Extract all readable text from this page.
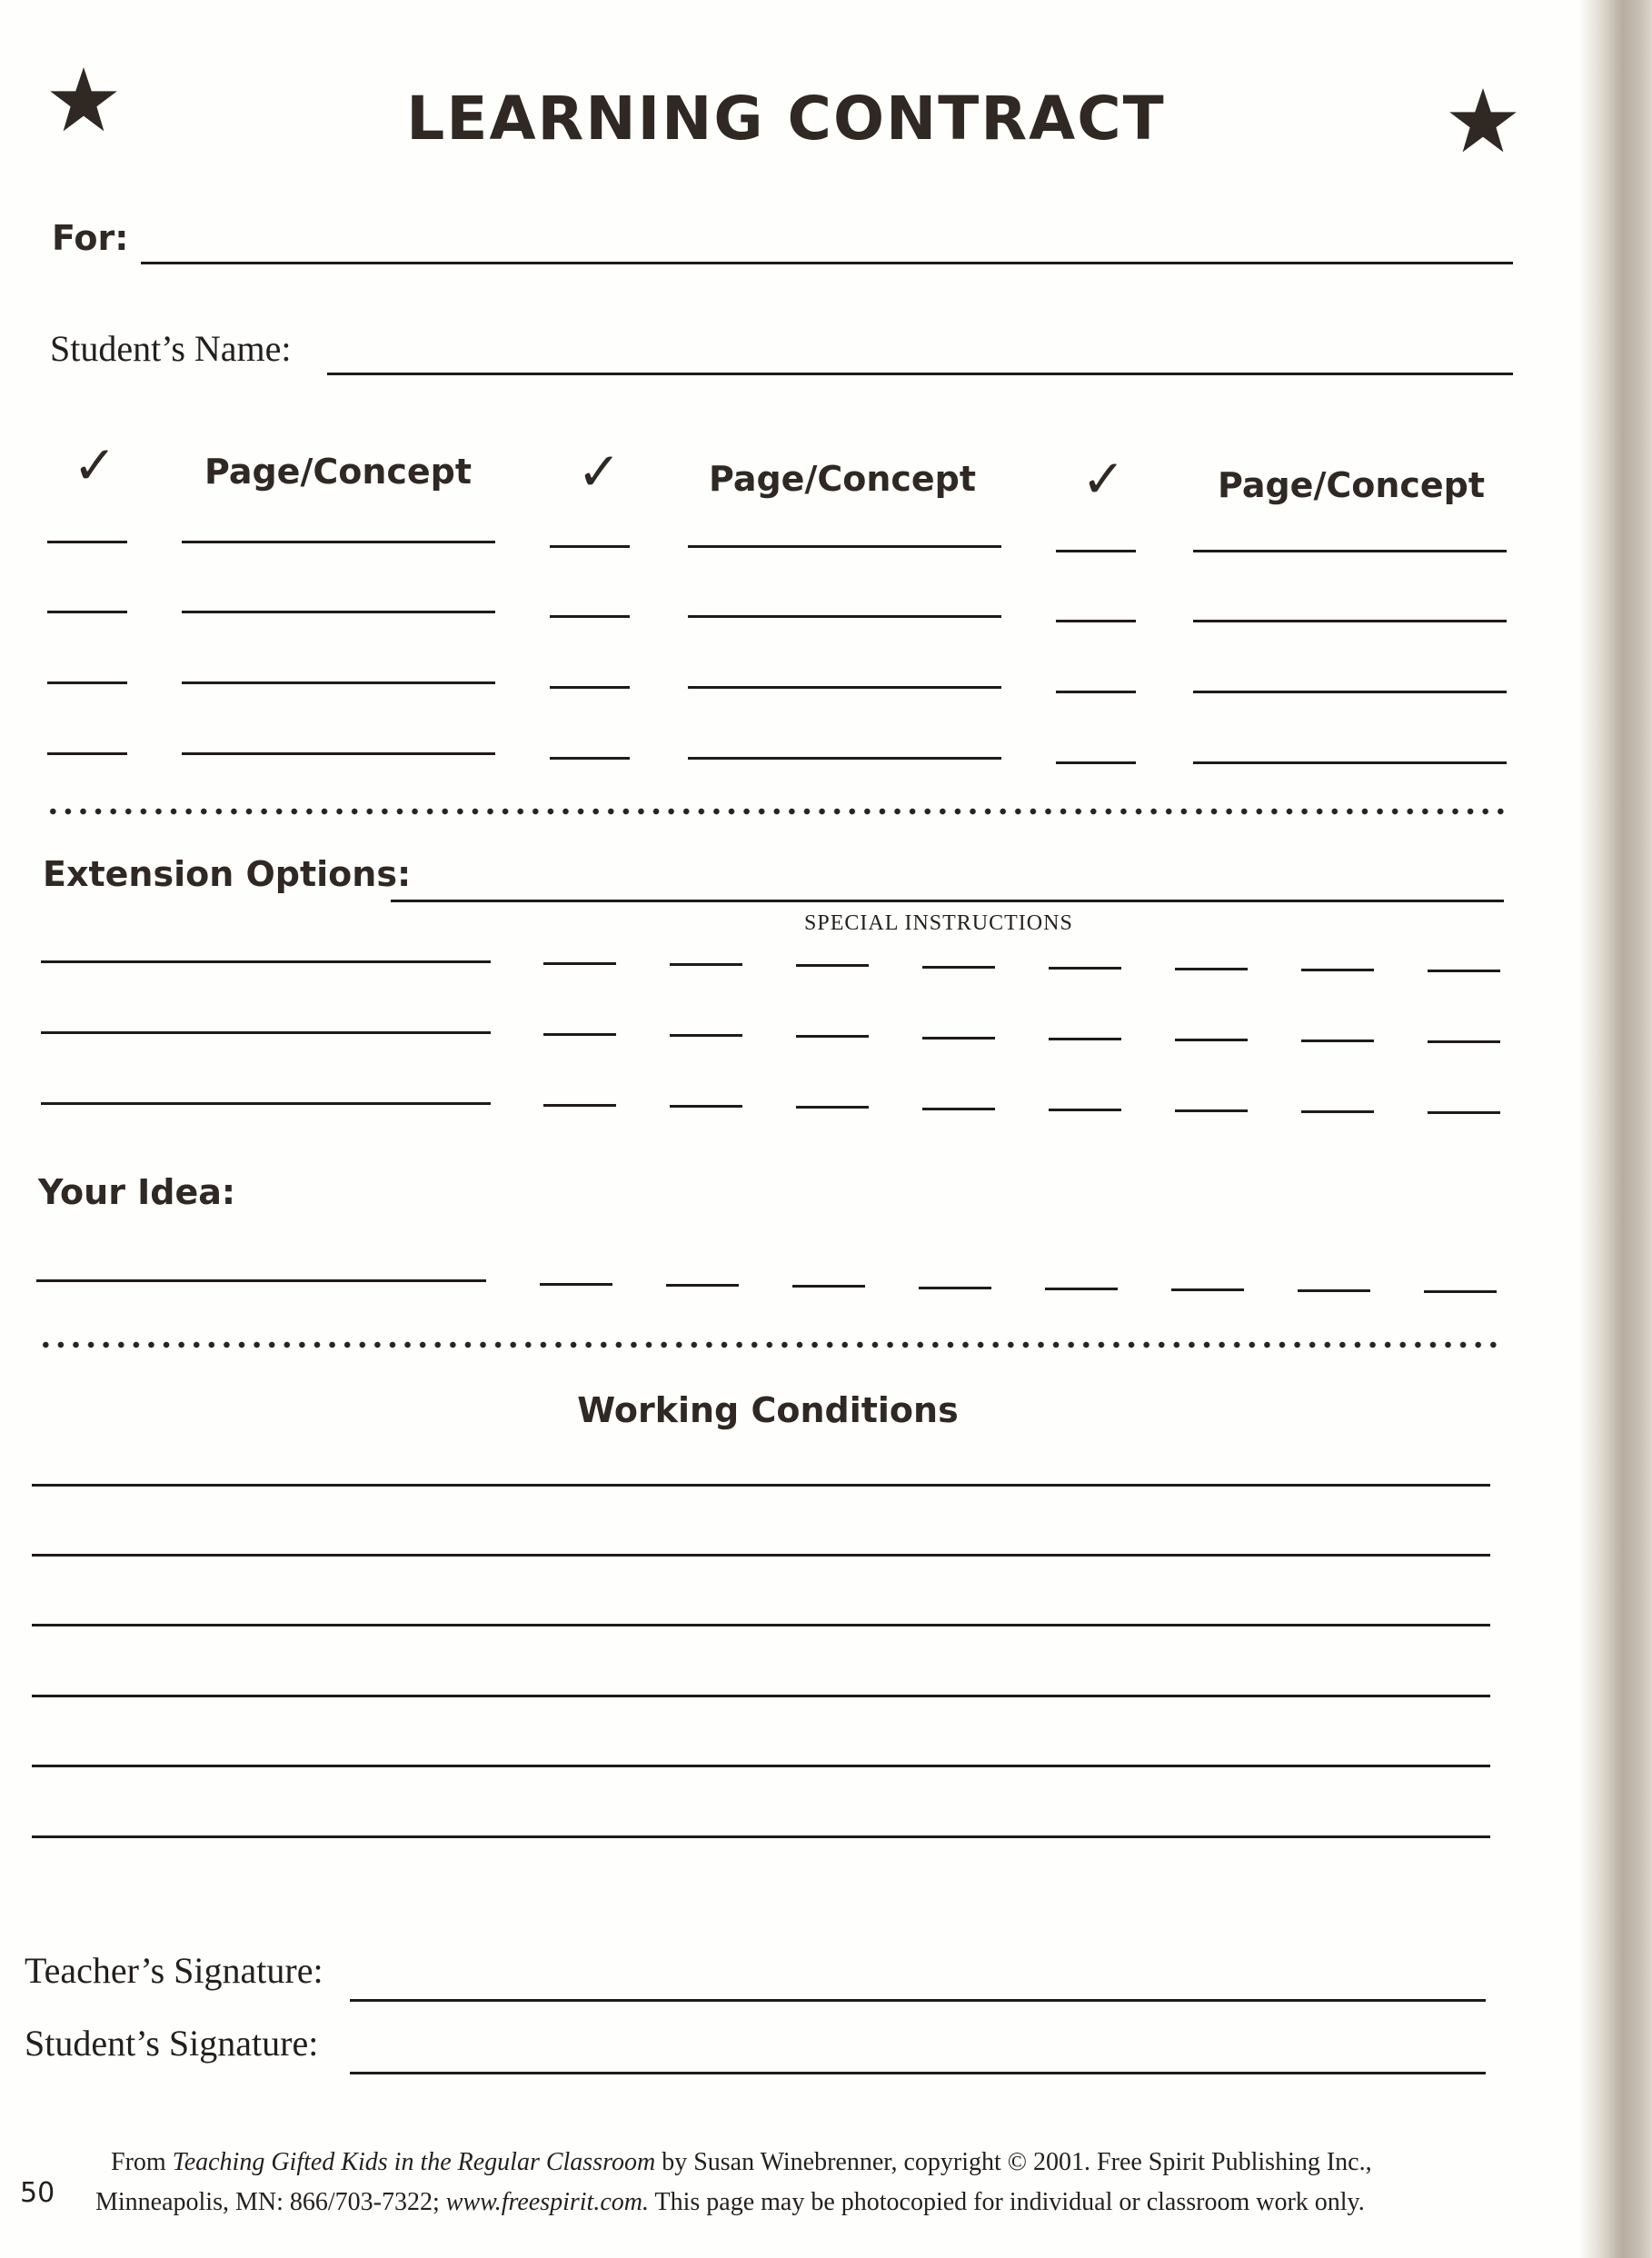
LEARNING CONTRACT
For:
Student’s Name:
✓	Page/Concept ✓	Page/Concept ✓	Page/Concept
Extension Options:
SPECIAL INSTRUCTIONS
Your Idea:
Working Conditions
Teacher’s Signature:
Student’s Signature:
50
From Teaching Gifted Kids in the Regular Classroom by Susan Winebrenner, copyright © 2001. Free Spirit Publishing Inc.,
Minneapolis, MN: 866/703-7322; www.freespirit.com. This page may be photocopied for individual or classroom work only.
